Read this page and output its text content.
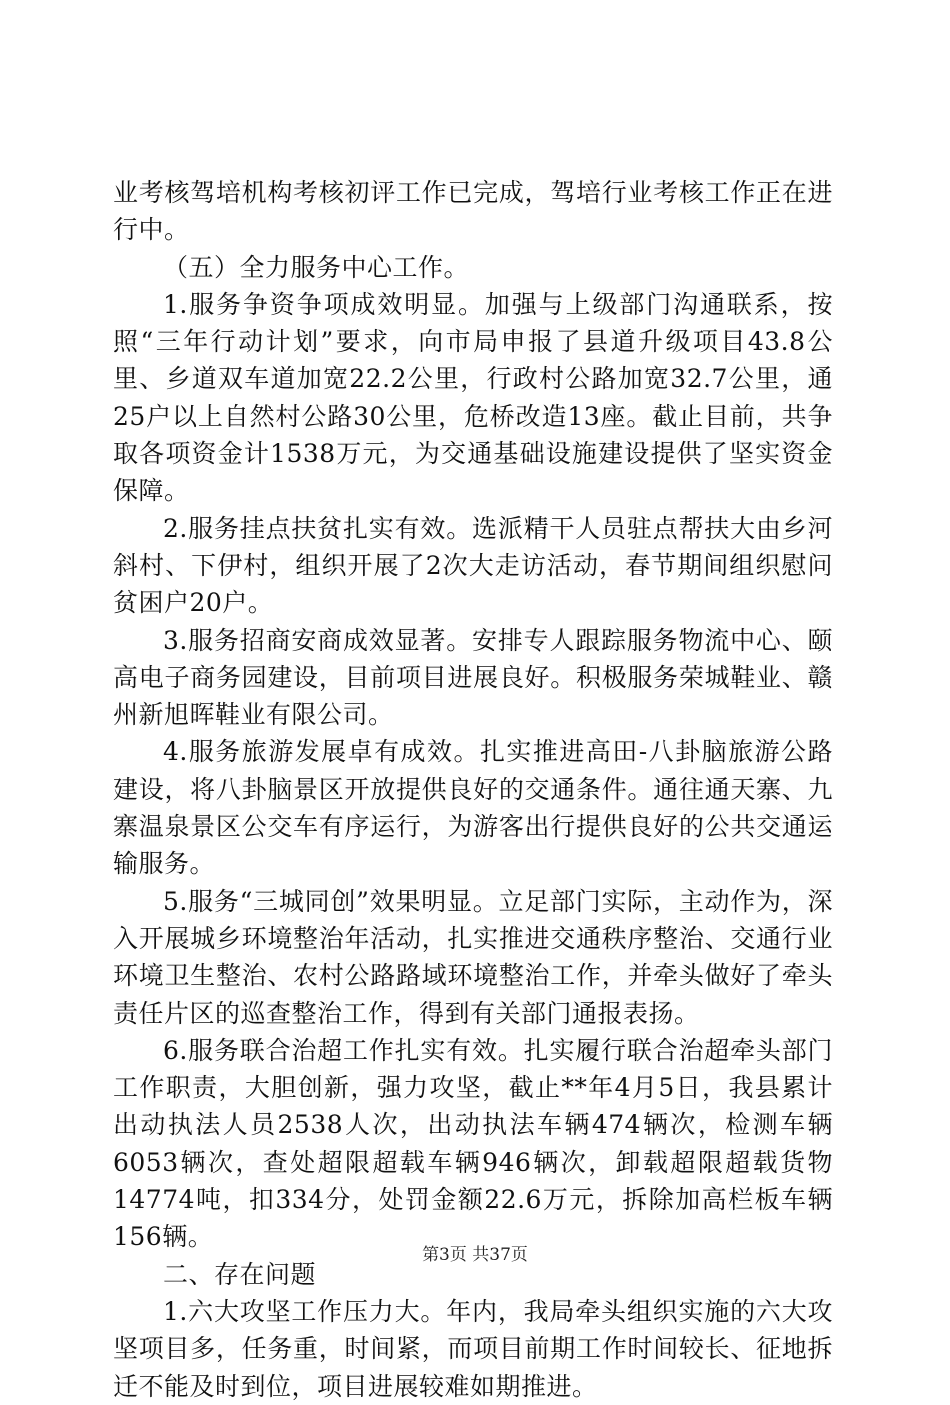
业考核驾培机构考核初评工作已完成，驾培行业考核工作正在进行中。

（五）全力服务中心工作。

1.服务争资争项成效明显。加强与上级部门沟通联系，按照“三年行动计划”要求，向市局申报了县道升级项目43.8公里、乡道双车道加宽22.2公里，行政村公路加宽32.7公里，通25户以上自然村公路30公里，危桥改造13座。截止目前，共争取各项资金计1538万元，为交通基础设施建设提供了坚实资金保障。

2.服务挂点扶贫扎实有效。选派精干人员驻点帮扶大由乡河斜村、下伊村，组织开展了2次大走访活动，春节期间组织慰问贫困户20户。

3.服务招商安商成效显著。安排专人跟踪服务物流中心、颐高电子商务园建设，目前项目进展良好。积极服务荣城鞋业、赣州新旭晖鞋业有限公司。

4.服务旅游发展卓有成效。扎实推进高田-八卦脑旅游公路建设，将八卦脑景区开放提供良好的交通条件。通往通天寨、九寨温泉景区公交车有序运行，为游客出行提供良好的公共交通运输服务。

5.服务“三城同创”效果明显。立足部门实际，主动作为，深入开展城乡环境整治年活动，扎实推进交通秩序整治、交通行业环境卫生整治、农村公路路域环境整治工作，并牵头做好了牵头责任片区的巡查整治工作，得到有关部门通报表扬。

6.服务联合治超工作扎实有效。扎实履行联合治超牵头部门工作职责，大胆创新，强力攻坚，截止**年4月5日，我县累计出动执法人员2538人次，出动执法车辆474辆次，检测车辆6053辆次，查处超限超载车辆946辆次，卸载超限超载货物14774吨，扣334分，处罚金额22.6万元，拆除加高栏板车辆156辆。

二、存在问题

1.六大攻坚工作压力大。年内，我局牵头组织实施的六大攻坚项目多，任务重，时间紧，而项目前期工作时间较长、征地拆迁不能及时到位，项目进展较难如期推进。

第3页 共37页
